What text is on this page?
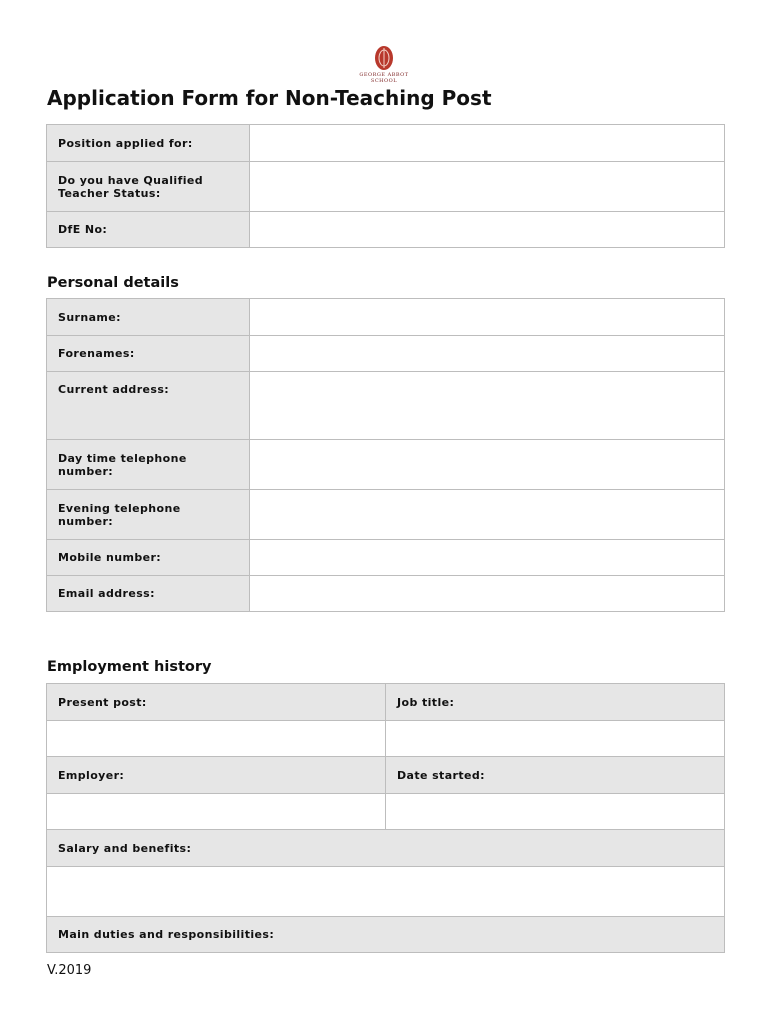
GEORGE ABBOT SCHOOL
Application Form for Non-Teaching Post
Position applied for:	
Do you have Qualified Teacher Status:	
DfE No:	
Personal details
Surname:	
Forenames:	
Current address:	
Day time telephone number:	
Evening telephone number:	
Mobile number:	
Email address:	
Employment history
Present post:	Job title:

Employer:	Date started:

Salary and benefits:	

Main duties and responsibilities:	
V.2019
